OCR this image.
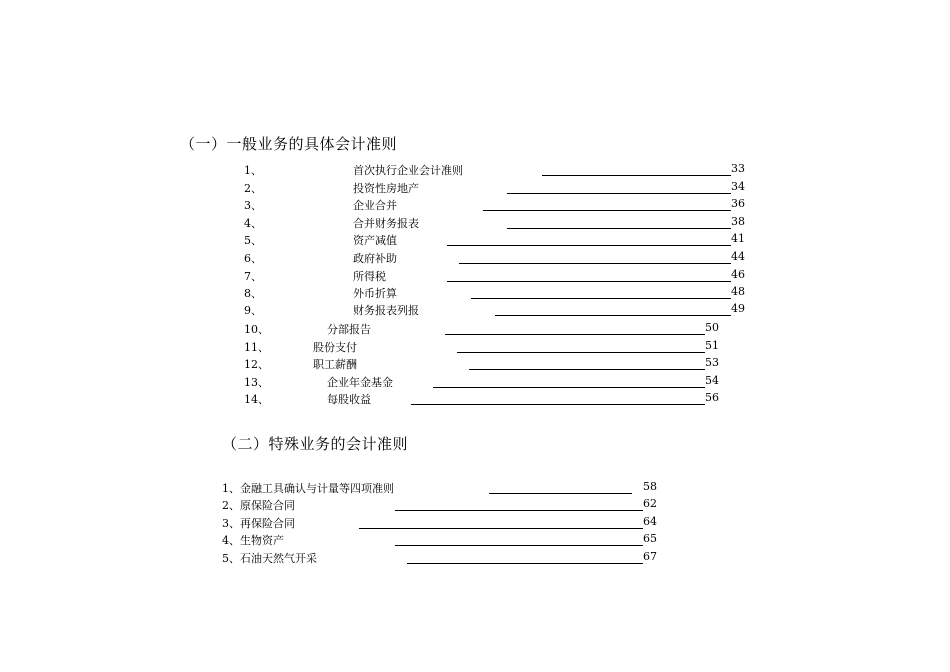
（一）一般业务的具体会计准则
1、	首次执行企业会计准则	33
2、	投资性房地产	34
3、	企业合并	36
4、	合并财务报表	38
5、	资产减值	41
6、	政府补助	44
7、	所得税	46
8、	外币折算	48
9、	财务报表列报	49
10、	分部报告	50
11、	股份支付	51
12、	职工薪酬	53
13、	企业年金基金	54
14、	每股收益	56
（二）特殊业务的会计准则
1、金融工具确认与计量等四项准则	58
2、原保险合同	62
3、再保险合同	64
4、生物资产	65
5、石油天然气开采	67
